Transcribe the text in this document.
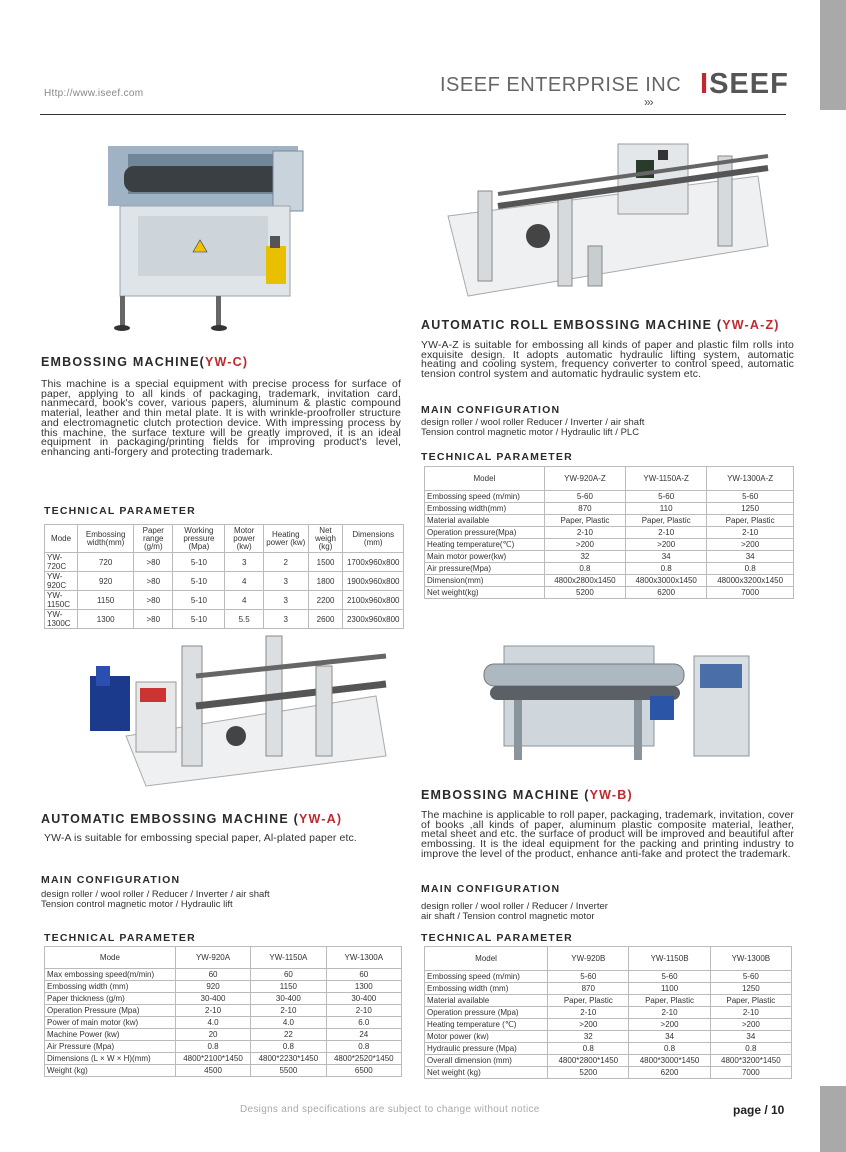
Http://www.iseef.com	ISEEF ENTERPRISE INC
»›
ISEEF
AUTOMATIC ROLL EMBOSSING MACHINE (YW-A-Z)

YW-A-Z is suitable for embossing all kinds of paper and plastic film rolls into exquisite design. It adopts automatic hydraulic lifting system, automatic heating and cooling system, frequency converter to control speed, automatic tension control system and automatic hydraulic system etc.

MAIN CONFIGURATION

design roller / wool roller Reducer / Inverter / air shaft

Tension control magnetic motor / Hydraulic lift / PLC

TECHNICAL PARAMETER
Model	YW-920A-Z	YW-1150A-Z	YW-1300A-Z
Embossing speed (m/min)	5-60	5-60	5-60
Embossing width(mm)	870	110	1250
Material available	Paper, Plastic	Paper, Plastic	Paper, Plastic
Operation pressure(Mpa)	2-10	2-10	2-10
Heating temperature(℃)	>200	>200	>200
Main motor power(kw)	32	34	34
Air pressure(Mpa)	0.8	0.8	0.8
Dimension(mm)	4800x2800x1450	4800x3000x1450	48000x3200x1450
Net weight(kg)	5200	6200	7000
EMBOSSING MACHINE(YW-C)

This machine is a special equipment with precise process for surface of paper, applying to all kinds of packaging, trademark, invitation card, nanmecard, book's cover, various papers, aluminum & plastic compound material, leather and thin metal plate. It is with wrinkle-proofroller structure and electromagnetic clutch protection device. With impressing process by this machine, the surface texture will be greatly improved, it is an ideal equipment in packaging/printing fields for improving product's level, enhancing anti-forgery and protecting trademark.

TECHNICAL PARAMETER
Mode	Embossing width(mm)	Paper range (g/m)	Working pressure (Mpa)	Motor power (kw)	Heating power (kw)	Net weigh (kg)	Dimensions (mm)
YW-720C	720	>80	5-10	3	2	1500	1700x960x800
YW-920C	920	>80	5-10	4	3	1800	1900x960x800
YW-1150C	1150	>80	5-10	4	3	2200	2100x960x800
YW-1300C	1300	>80	5-10	5.5	3	2600	2300x960x800
AUTOMATIC EMBOSSING MACHINE (YW-A)

YW-A is suitable for embossing special paper, Al-plated paper etc.

MAIN CONFIGURATION

design roller / wool roller / Reducer / Inverter / air shaft

Tension control magnetic motor / Hydraulic lift

TECHNICAL PARAMETER
Mode	YW-920A	YW-1150A	YW-1300A
Max embossing speed(m/min)	60	60	60
Embossing width (mm)	920	1150	1300
Paper thickness (g/m)	30-400	30-400	30-400
Operation Pressure (Mpa)	2-10	2-10	2-10
Power of main motor (kw)	4.0	4.0	6.0
Machine Power (kw)	20	22	24
Air Pressure (Mpa)	0.8	0.8	0.8
Dimensions (L × W × H)(mm)	4800*2100*1450	4800*2230*1450	4800*2520*1450
Weight (kg)	4500	5500	6500
EMBOSSING MACHINE (YW-B)

The machine is applicable to roll paper, packaging, trademark, invitation, cover of books ,all kinds of paper, aluminum plastic composite material, leather, metal sheet and etc. the surface of product will be improved and beautiful after embossing. It is the ideal equipment for the packing and printing industry to improve the level of the product, enhance anti-fake and protect the trademark.

MAIN CONFIGURATION

design roller / wool roller / Reducer / Inverter

air shaft / Tension control magnetic motor

TECHNICAL PARAMETER
Model	YW-920B	YW-1150B	YW-1300B
Embossing speed (m/min)	5-60	5-60	5-60
Embossing width (mm)	870	1100	1250
Material available	Paper, Plastic	Paper, Plastic	Paper, Plastic
Operation pressure (Mpa)	2-10	2-10	2-10
Heating temperature (℃)	>200	>200	>200
Motor power (kw)	32	34	34
Hydraulic pressure (Mpa)	0.8	0.8	0.8
Overall dimension (mm)	4800*2800*1450	4800*3000*1450	4800*3200*1450
Net weight (kg)	5200	6200	7000
Designs and specifications are subject to change without notice	page / 10
